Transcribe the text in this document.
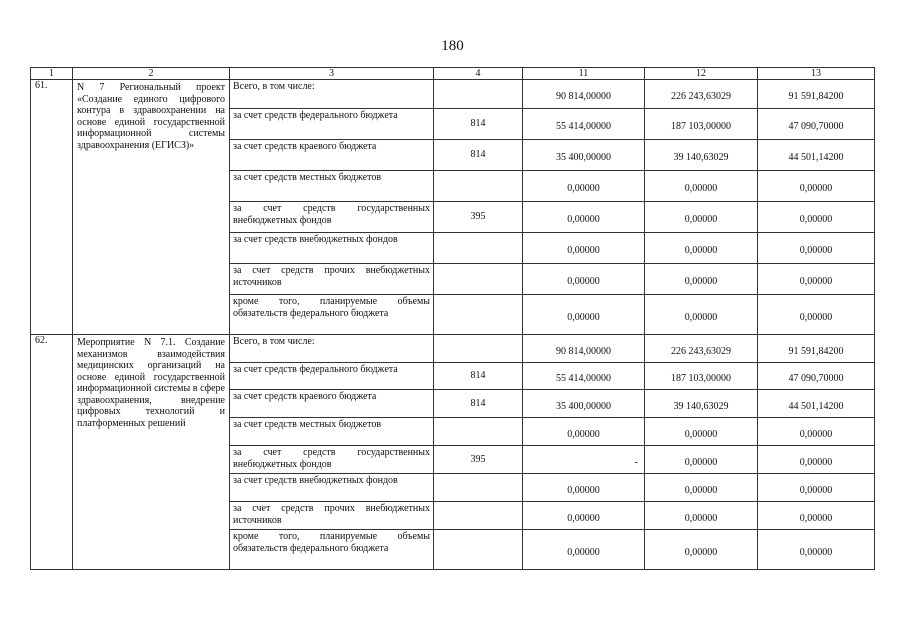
180
1	2	3	4	11	12	13
61.	N 7 Региональный проект «Создание единого цифрового контура в здравоохранении на основе единой государственной информационной системы здравоохранения (ЕГИСЗ)»	Всего, в том числе:		90 814,00000	226 243,63029	91 591,84200
		за счет средств федерального бюджета	814	55 414,00000	187 103,00000	47 090,70000
		за счет средств краевого бюджета	814	35 400,00000	39 140,63029	44 501,14200
		за счет средств местных бюджетов		0,00000	0,00000	0,00000
		за счет средств государственных внебюджетных фондов	395	0,00000	0,00000	0,00000
		за счет средств внебюджетных фондов		0,00000	0,00000	0,00000
		за счет средств прочих внебюджетных источников		0,00000	0,00000	0,00000
		кроме того, планируемые объемы обязательств федерального бюджета		0,00000	0,00000	0,00000
62.	Мероприятие N 7.1. Создание механизмов взаимодействия медицинских организаций на основе единой государственной информационной системы в сфере здравоохранения, внедрение цифровых технологий и платформенных решений	Всего, в том числе:		90 814,00000	226 243,63029	91 591,84200
		за счет средств федерального бюджета	814	55 414,00000	187 103,00000	47 090,70000
		за счет средств краевого бюджета	814	35 400,00000	39 140,63029	44 501,14200
		за счет средств местных бюджетов		0,00000	0,00000	0,00000
		за счет средств государственных внебюджетных фондов	395	-	0,00000	0,00000
		за счет средств внебюджетных фондов		0,00000	0,00000	0,00000
		за счет средств прочих внебюджетных источников		0,00000	0,00000	0,00000
		кроме того, планируемые объемы обязательств федерального бюджета		0,00000	0,00000	0,00000
